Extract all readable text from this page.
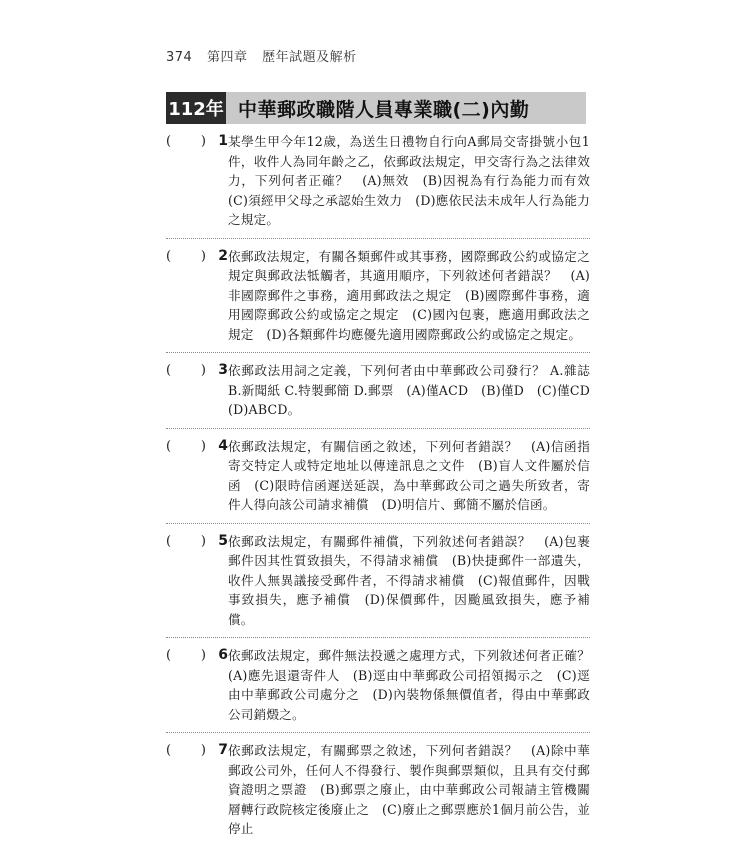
374 第四章 歷年試題及解析
112年 中華郵政職階人員專業職(二)內勤
( ) 1 某學生甲今年12歲，為送生日禮物自行向A郵局交寄掛號小包1件，收件人為同年齡之乙，依郵政法規定，甲交寄行為之法律效力，下列何者正確？　(A)無效　(B)因視為有行為能力而有效　(C)須經甲父母之承認始生效力　(D)應依民法未成年人行為能力之規定。
( ) 2 依郵政法規定，有關各類郵件或其事務，國際郵政公約或協定之規定與郵政法牴觸者，其適用順序，下列敘述何者錯誤？　(A)非國際郵件之事務，適用郵政法之規定　(B)國際郵件事務，適用國際郵政公約或協定之規定　(C)國內包裹，應適用郵政法之規定　(D)各類郵件均應優先適用國際郵政公約或協定之規定。
( ) 3 依郵政法用詞之定義，下列何者由中華郵政公司發行？ A.雜誌　B.新聞紙 C.特製郵簡 D.郵票　(A)僅ACD　(B)僅D　(C)僅CD　(D)ABCD。
( ) 4 依郵政法規定，有關信函之敘述，下列何者錯誤？　(A)信函指寄交特定人或特定地址以傳達訊息之文件　(B)盲人文件屬於信函　(C)限時信函遲送延誤，為中華郵政公司之過失所致者，寄件人得向該公司請求補償　(D)明信片、郵簡不屬於信函。
( ) 5 依郵政法規定，有關郵件補償，下列敘述何者錯誤？　(A)包裹郵件因其性質致損失，不得請求補償　(B)快捷郵件一部遺失，收件人無異議接受郵件者，不得請求補償　(C)報值郵件，因戰事致損失，應予補償　(D)保價郵件，因颱風致損失，應予補償。
( ) 6 依郵政法規定，郵件無法投遞之處理方式，下列敘述何者正確？　(A)應先退還寄件人　(B)逕由中華郵政公司招領揭示之　(C)逕由中華郵政公司處分之　(D)內裝物係無價值者，得由中華郵政公司銷燬之。
( ) 7 依郵政法規定，有關郵票之敘述，下列何者錯誤？　(A)除中華郵政公司外，任何人不得發行、製作與郵票類似，且具有交付郵資證明之票證　(B)郵票之廢止，由中華郵政公司報請主管機關層轉行政院核定後廢止之　(C)廢止之郵票應於1個月前公告，並停止
